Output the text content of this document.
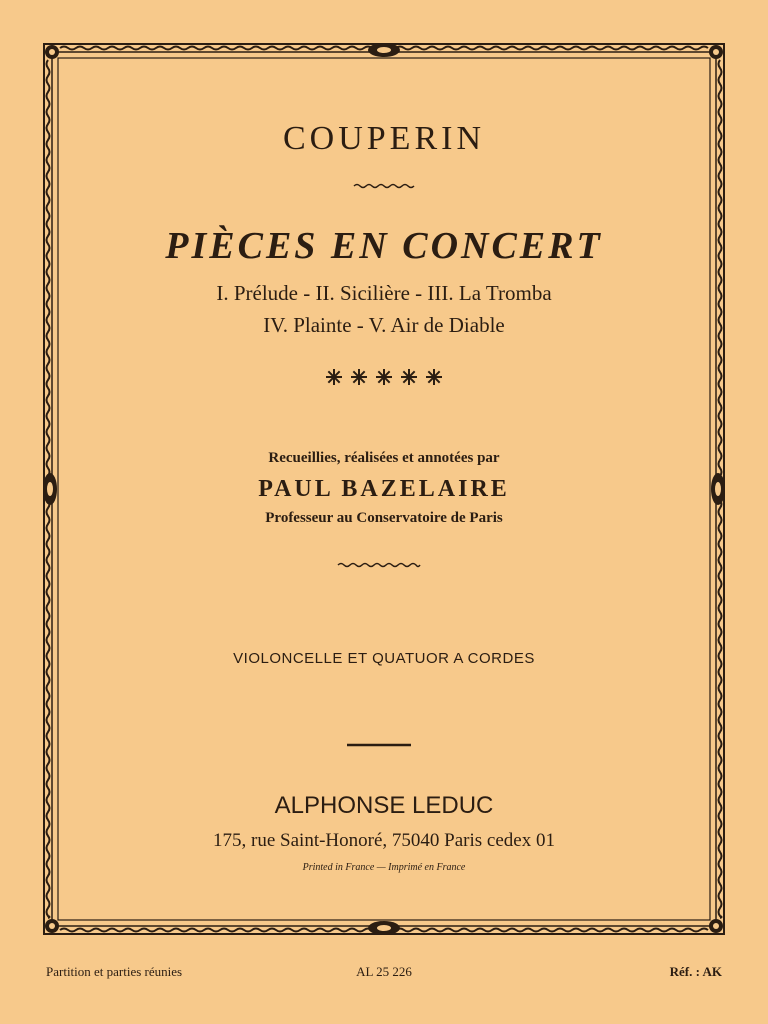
COUPERIN
PIÈCES EN CONCERT

I. Prélude - II. Sicilière - III. La Tromba

IV. Plainte - V. Air de Diable

Recueillies, réalisées et annotées par

PAUL BAZELAIRE

Professeur au Conservatoire de Paris

VIOLONCELLE ET QUATUOR A CORDES

ALPHONSE LEDUC

175, rue Saint-Honoré, 75040 Paris cedex 01

Printed in France — Imprimé en France

Partition et parties réunies	AL 25 226	Réf. : AK
